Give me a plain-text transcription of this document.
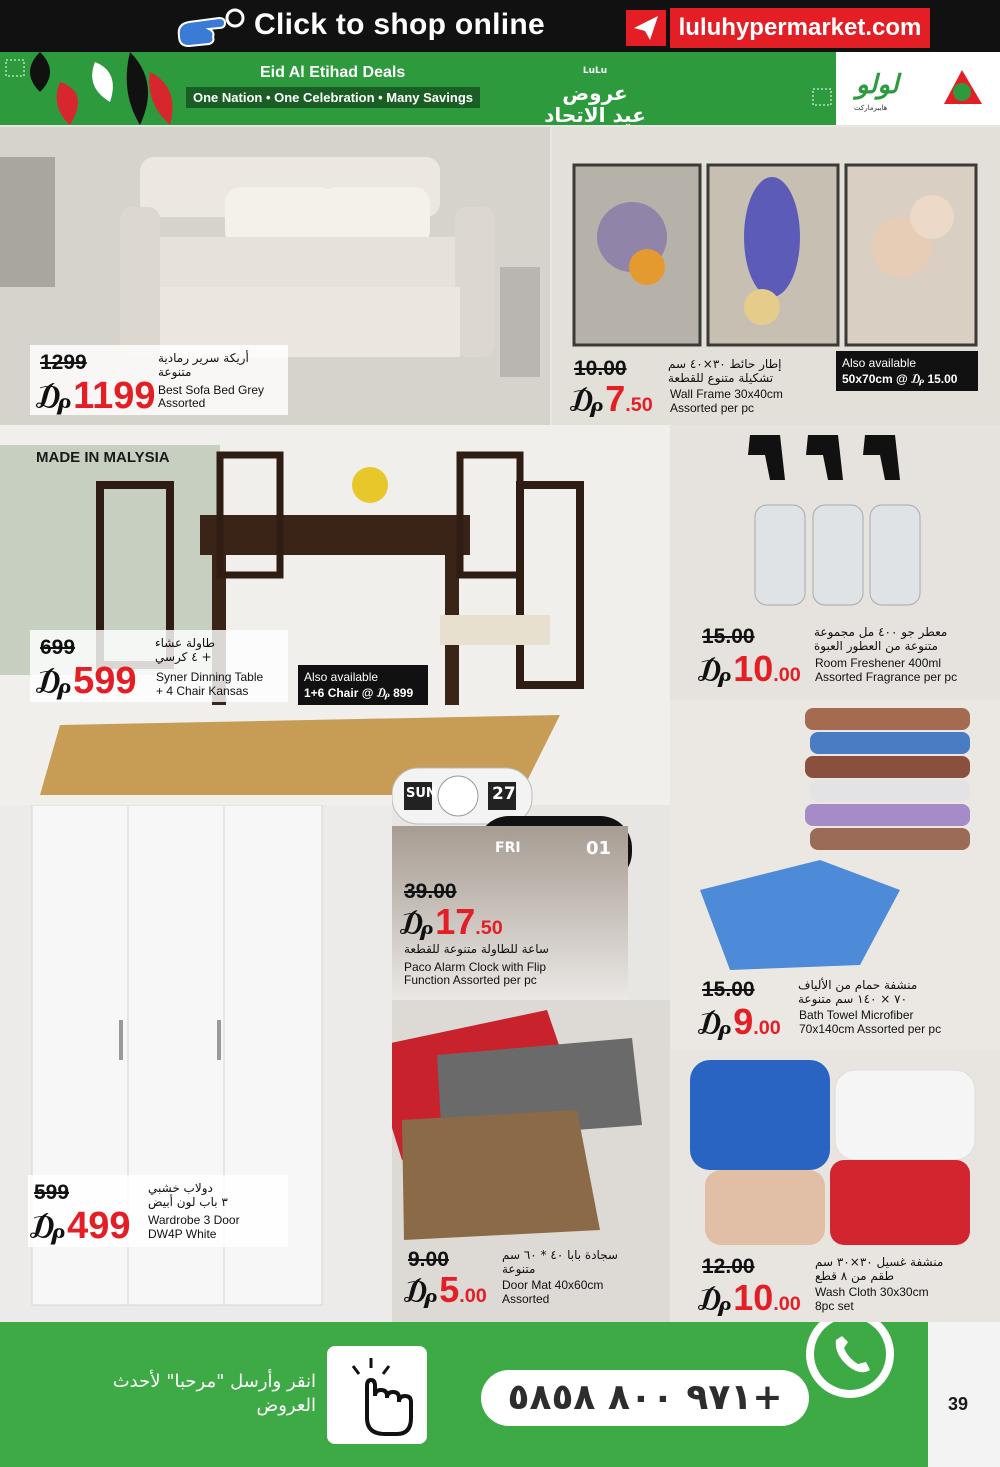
Click to shop online	luluhypermarket.com
Eid Al Etihad Deals
One Nation • One Celebration • Many Savings
LuLu
عروض
عيد الاتحاد
لولو
هايبرماركت
1299
₯1199
أريكة سرير رمادية
متنوعة
Best Sofa Bed Grey
Assorted
10.00
₯7.50
إطار حائط ٣٠×٤٠ سم
تشكيلة متنوع للقطعة
Wall Frame 30x40cm
Assorted per pc
Also available
50x70cm @ ₯ 15.00
MADE IN MALYSIA
699
₯599
طاولة عشاء
+ ٤ كرسي
Syner Dinning Table
+ 4 Chair Kansas
Also available
1+6 Chair @ ₯ 899
15.00
₯10.00
معطر جو ٤٠٠ مل مجموعة
متنوعة من العطور العبوة
Room Freshener 400ml
Assorted Fragrance per pc
15.00
₯9.00
منشفة حمام من الألياف
٧٠ × ١٤٠ سم متنوعة
Bath Towel Microfiber
70x140cm Assorted per pc
12.00
₯10.00
منشفة غسيل ٣٠×٣٠ سم
طقم من ٨ قطع
Wash Cloth 30x30cm
8pc set
599
₯499
دولاب خشبي
٣ باب لون أبيض
Wardrobe 3 Door
DW4P White
SUN	27
FRI	01
39.00
₯17.50
ساعة للطاولة متنوعة للقطعة
Paco Alarm Clock with Flip
Function Assorted per pc
9.00
₯5.00
سجادة بابا ٤٠ * ٦٠ سم
متنوعة
Door Mat 40x60cm
Assorted
انقر وأرسل "مرحبا" لأحدث العروض	+٩٧١ ٨٠٠ ٥٨٥٨	39
